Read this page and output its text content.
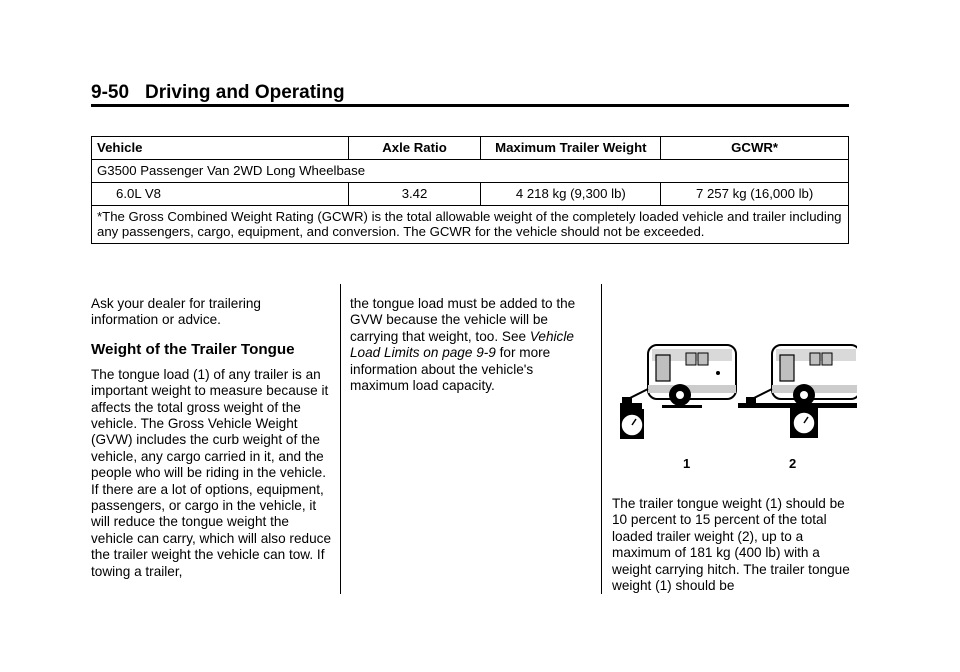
9-50 Driving and Operating
Vehicle	Axle Ratio	Maximum Trailer Weight	GCWR*
G3500 Passenger Van 2WD Long Wheelbase			
6.0L V8	3.42	4 218 kg (9,300 lb)	7 257 kg (16,000 lb)
*The Gross Combined Weight Rating (GCWR) is the total allowable weight of the completely loaded vehicle and trailer including any passengers, cargo, equipment, and conversion. The GCWR for the vehicle should not be exceeded.			

Ask your dealer for trailering information or advice.

Weight of the Trailer Tongue

The tongue load (1) of any trailer is an important weight to measure because it affects the total gross weight of the vehicle. The Gross Vehicle Weight (GVW) includes the curb weight of the vehicle, any cargo carried in it, and the people who will be riding in the vehicle.

If there are a lot of options, equipment, passengers, or cargo in the vehicle, it will reduce the tongue weight the vehicle can carry, which will also reduce the trailer weight the vehicle can tow. If towing a trailer,

the tongue load must be added to the GVW because the vehicle will be carrying that weight, too. See Vehicle Load Limits on page 9-9 for more information about the vehicle's maximum load capacity.

1	2

The trailer tongue weight (1) should be 10 percent to 15 percent of the total loaded trailer weight (2), up to a maximum of 181 kg (400 lb) with a weight carrying hitch. The trailer tongue weight (1) should be
